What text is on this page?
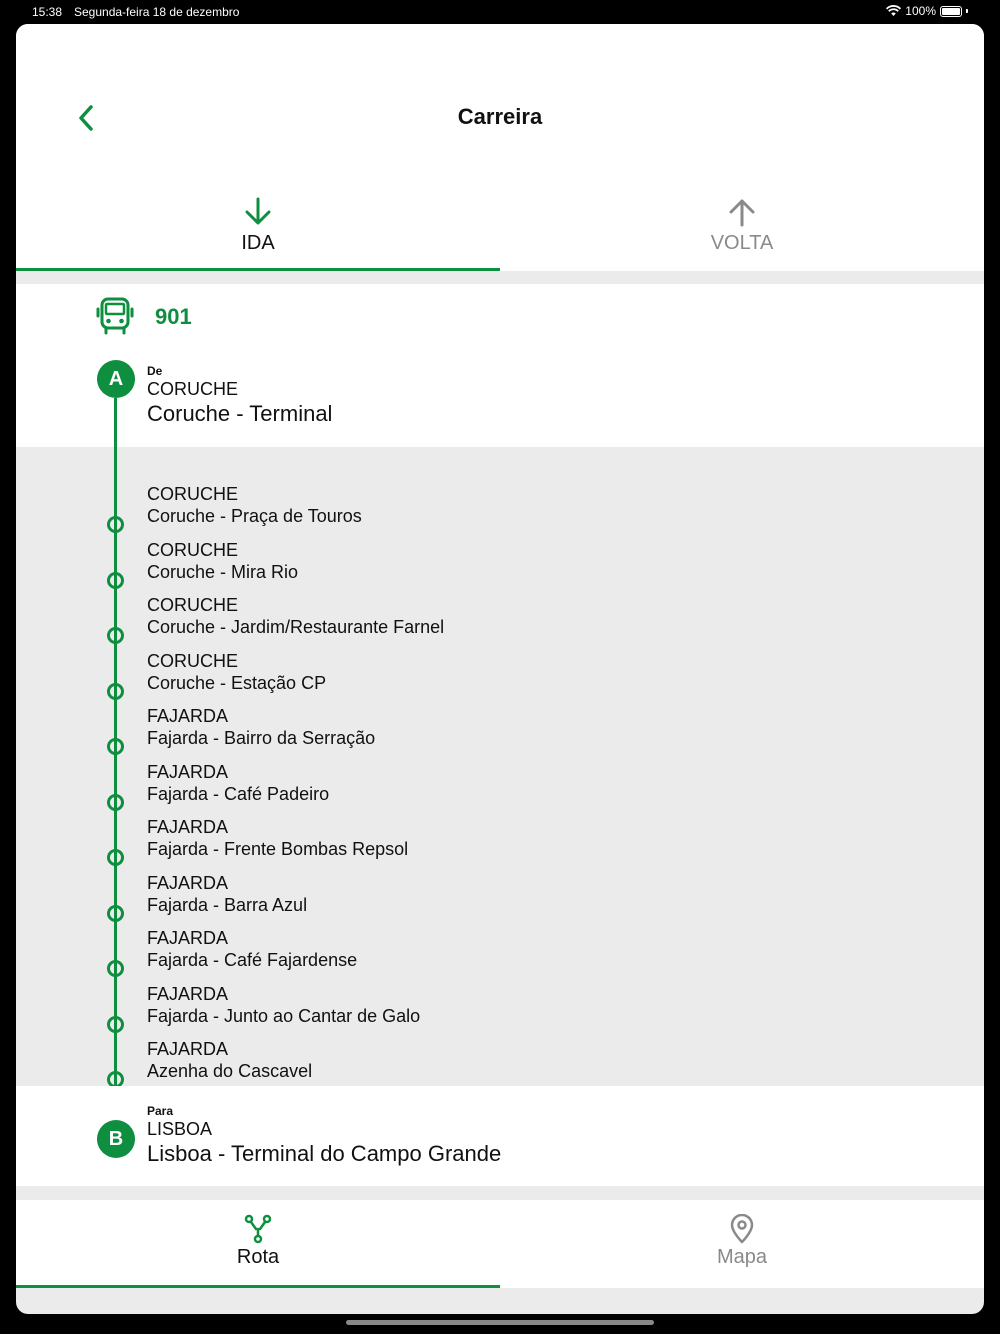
15:38 Segunda-feira 18 de dezembro	100%
Carreira
IDA	VOLTA
901
CORUCHE
Coruche - Praça de Touros
CORUCHE
Coruche - Mira Rio
CORUCHE
Coruche - Jardim/Restaurante Farnel
CORUCHE
Coruche - Estação CP
FAJARDA
Fajarda - Bairro da Serração
FAJARDA
Fajarda - Café Padeiro
FAJARDA
Fajarda - Frente Bombas Repsol
FAJARDA
Fajarda - Barra Azul
FAJARDA
Fajarda - Café Fajardense
FAJARDA
Fajarda - Junto ao Cantar de Galo
FAJARDA
Azenha do Cascavel
A	De
CORUCHE
Coruche - Terminal
B
Para
LISBOA
Lisboa - Terminal do Campo Grande
Rota	Mapa
